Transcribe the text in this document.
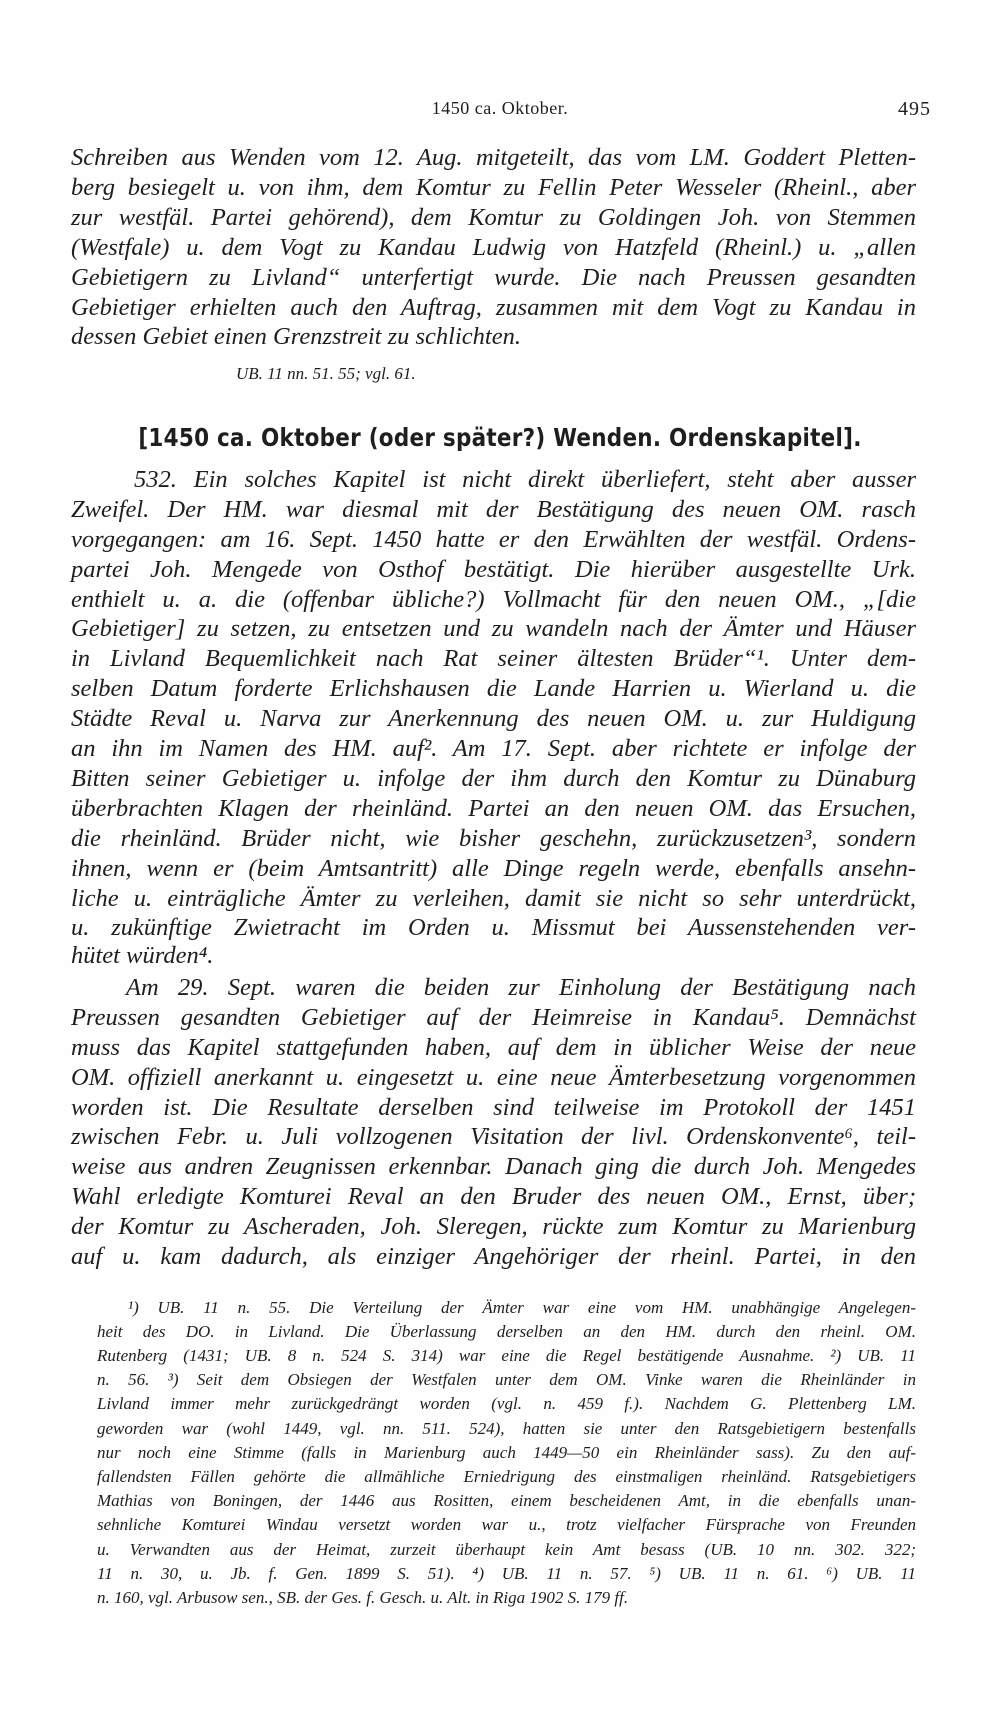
1450 ca. Oktober.	495
Schreiben aus Wenden vom 12. Aug. mitgeteilt, das vom LM. Goddert Pletten-
berg besiegelt u. von ihm, dem Komtur zu Fellin Peter Wesseler (Rheinl., aber
zur westfäl. Partei gehörend), dem Komtur zu Goldingen Joh. von Stemmen
(Westfale) u. dem Vogt zu Kandau Ludwig von Hatzfeld (Rheinl.) u. „allen
Gebietigern zu Livland“ unterfertigt wurde. Die nach Preussen gesandten
Gebietiger erhielten auch den Auftrag, zusammen mit dem Vogt zu Kandau in
dessen Gebiet einen Grenzstreit zu schlichten.
UB. 11 nn. 51. 55; vgl. 61.
[1450 ca. Oktober (oder später?) Wenden. Ordenskapitel].
532. Ein solches Kapitel ist nicht direkt überliefert, steht aber ausser
Zweifel. Der HM. war diesmal mit der Bestätigung des neuen OM. rasch
vorgegangen: am 16. Sept. 1450 hatte er den Erwählten der westfäl. Ordens-
partei Joh. Mengede von Osthof bestätigt. Die hierüber ausgestellte Urk.
enthielt u. a. die (offenbar übliche?) Vollmacht für den neuen OM., „[die
Gebietiger] zu setzen, zu entsetzen und zu wandeln nach der Ämter und Häuser
in Livland Bequemlichkeit nach Rat seiner ältesten Brüder“¹. Unter dem-
selben Datum forderte Erlichshausen die Lande Harrien u. Wierland u. die
Städte Reval u. Narva zur Anerkennung des neuen OM. u. zur Huldigung
an ihn im Namen des HM. auf². Am 17. Sept. aber richtete er infolge der
Bitten seiner Gebietiger u. infolge der ihm durch den Komtur zu Dünaburg
überbrachten Klagen der rheinländ. Partei an den neuen OM. das Ersuchen,
die rheinländ. Brüder nicht, wie bisher geschehn, zurückzusetzen³, sondern
ihnen, wenn er (beim Amtsantritt) alle Dinge regeln werde, ebenfalls ansehn-
liche u. einträgliche Ämter zu verleihen, damit sie nicht so sehr unterdrückt,
u. zukünftige Zwietracht im Orden u. Missmut bei Aussenstehenden ver-
hütet würden⁴.
Am 29. Sept. waren die beiden zur Einholung der Bestätigung nach
Preussen gesandten Gebietiger auf der Heimreise in Kandau⁵. Demnächst
muss das Kapitel stattgefunden haben, auf dem in üblicher Weise der neue
OM. offiziell anerkannt u. eingesetzt u. eine neue Ämterbesetzung vorgenommen
worden ist. Die Resultate derselben sind teilweise im Protokoll der 1451
zwischen Febr. u. Juli vollzogenen Visitation der livl. Ordenskonvente⁶, teil-
weise aus andren Zeugnissen erkennbar. Danach ging die durch Joh. Mengedes
Wahl erledigte Komturei Reval an den Bruder des neuen OM., Ernst, über;
der Komtur zu Ascheraden, Joh. Sleregen, rückte zum Komtur zu Marienburg
auf u. kam dadurch, als einziger Angehöriger der rheinl. Partei, in den
¹) UB. 11 n. 55. Die Verteilung der Ämter war eine vom HM. unabhängige Angelegen-
heit des DO. in Livland. Die Überlassung derselben an den HM. durch den rheinl. OM.
Rutenberg (1431; UB. 8 n. 524 S. 314) war eine die Regel bestätigende Ausnahme. ²) UB. 11
n. 56. ³) Seit dem Obsiegen der Westfalen unter dem OM. Vinke waren die Rheinländer in
Livland immer mehr zurückgedrängt worden (vgl. n. 459 f.). Nachdem G. Plettenberg LM.
geworden war (wohl 1449, vgl. nn. 511. 524), hatten sie unter den Ratsgebietigern bestenfalls
nur noch eine Stimme (falls in Marienburg auch 1449—50 ein Rheinländer sass). Zu den auf-
fallendsten Fällen gehörte die allmähliche Erniedrigung des einstmaligen rheinländ. Ratsgebietigers
Mathias von Boningen, der 1446 aus Rositten, einem bescheidenen Amt, in die ebenfalls unan-
sehnliche Komturei Windau versetzt worden war u., trotz vielfacher Fürsprache von Freunden
u. Verwandten aus der Heimat, zurzeit überhaupt kein Amt besass (UB. 10 nn. 302. 322;
11 n. 30, u. Jb. f. Gen. 1899 S. 51). ⁴) UB. 11 n. 57. ⁵) UB. 11 n. 61. ⁶) UB. 11
n. 160, vgl. Arbusow sen., SB. der Ges. f. Gesch. u. Alt. in Riga 1902 S. 179 ff.
